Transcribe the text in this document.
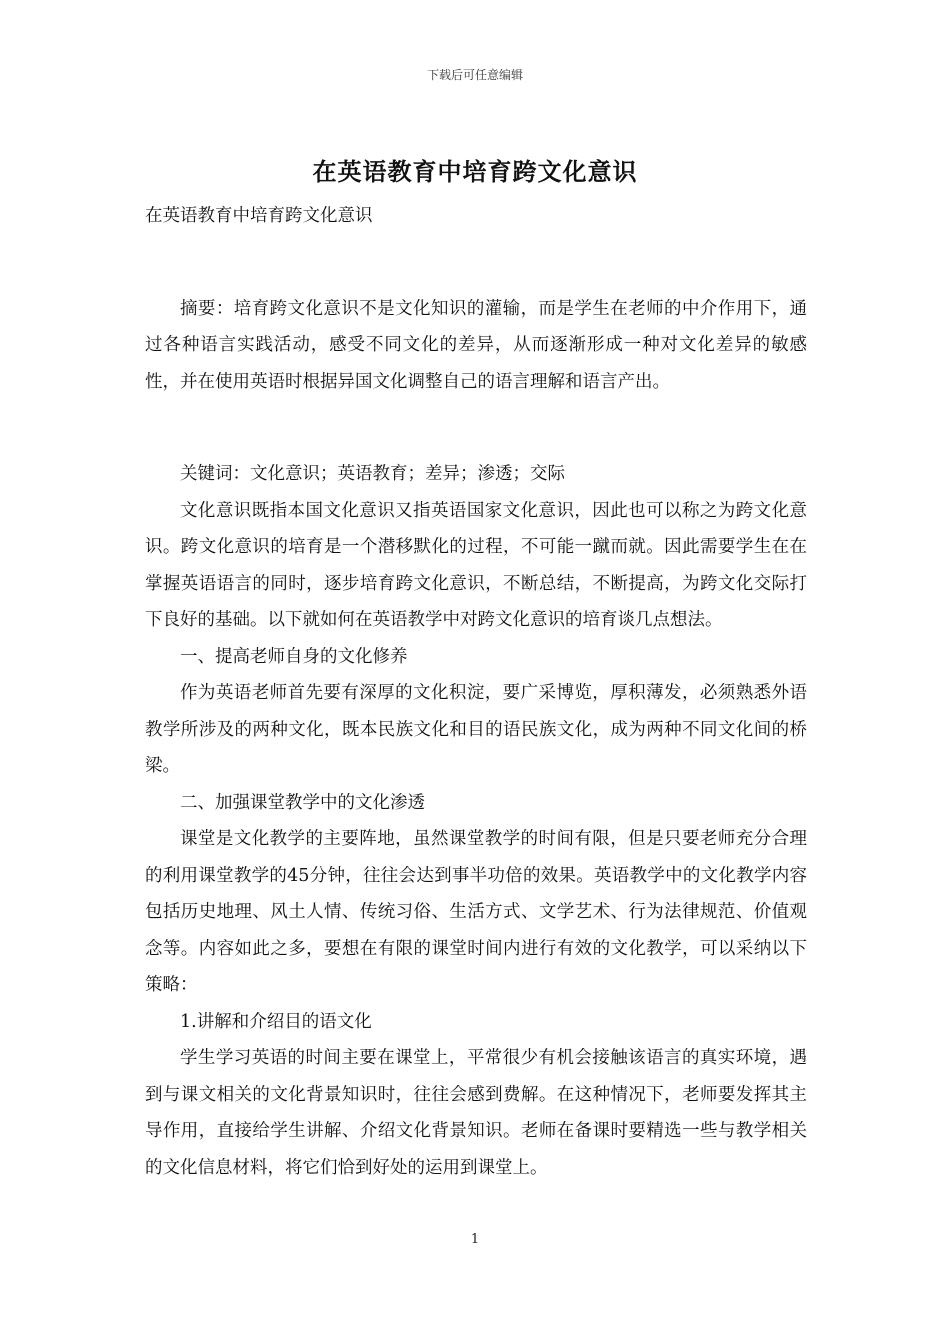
下载后可任意编辑
在英语教育中培育跨文化意识

在英语教育中培育跨文化意识

摘要：培育跨文化意识不是文化知识的灌输，而是学生在老师的中介作用下，通过各种语言实践活动，感受不同文化的差异，从而逐渐形成一种对文化差异的敏感性，并在使用英语时根据异国文化调整自己的语言理解和语言产出。

关键词：文化意识；英语教育；差异；渗透；交际

文化意识既指本国文化意识又指英语国家文化意识，因此也可以称之为跨文化意识。跨文化意识的培育是一个潜移默化的过程，不可能一蹴而就。因此需要学生在在掌握英语语言的同时，逐步培育跨文化意识，不断总结，不断提高，为跨文化交际打下良好的基础。以下就如何在英语教学中对跨文化意识的培育谈几点想法。

一、提高老师自身的文化修养

作为英语老师首先要有深厚的文化积淀，要广采博览，厚积薄发，必须熟悉外语教学所涉及的两种文化，既本民族文化和目的语民族文化，成为两种不同文化间的桥梁。

二、加强课堂教学中的文化渗透

课堂是文化教学的主要阵地，虽然课堂教学的时间有限，但是只要老师充分合理的利用课堂教学的45分钟，往往会达到事半功倍的效果。英语教学中的文化教学内容包括历史地理、风土人情、传统习俗、生活方式、文学艺术、行为法律规范、价值观念等。内容如此之多，要想在有限的课堂时间内进行有效的文化教学，可以采纳以下策略：

1.讲解和介绍目的语文化

学生学习英语的时间主要在课堂上，平常很少有机会接触该语言的真实环境，遇到与课文相关的文化背景知识时，往往会感到费解。在这种情况下，老师要发挥其主导作用，直接给学生讲解、介绍文化背景知识。老师在备课时要精选一些与教学相关的文化信息材料，将它们恰到好处的运用到课堂上。

1
